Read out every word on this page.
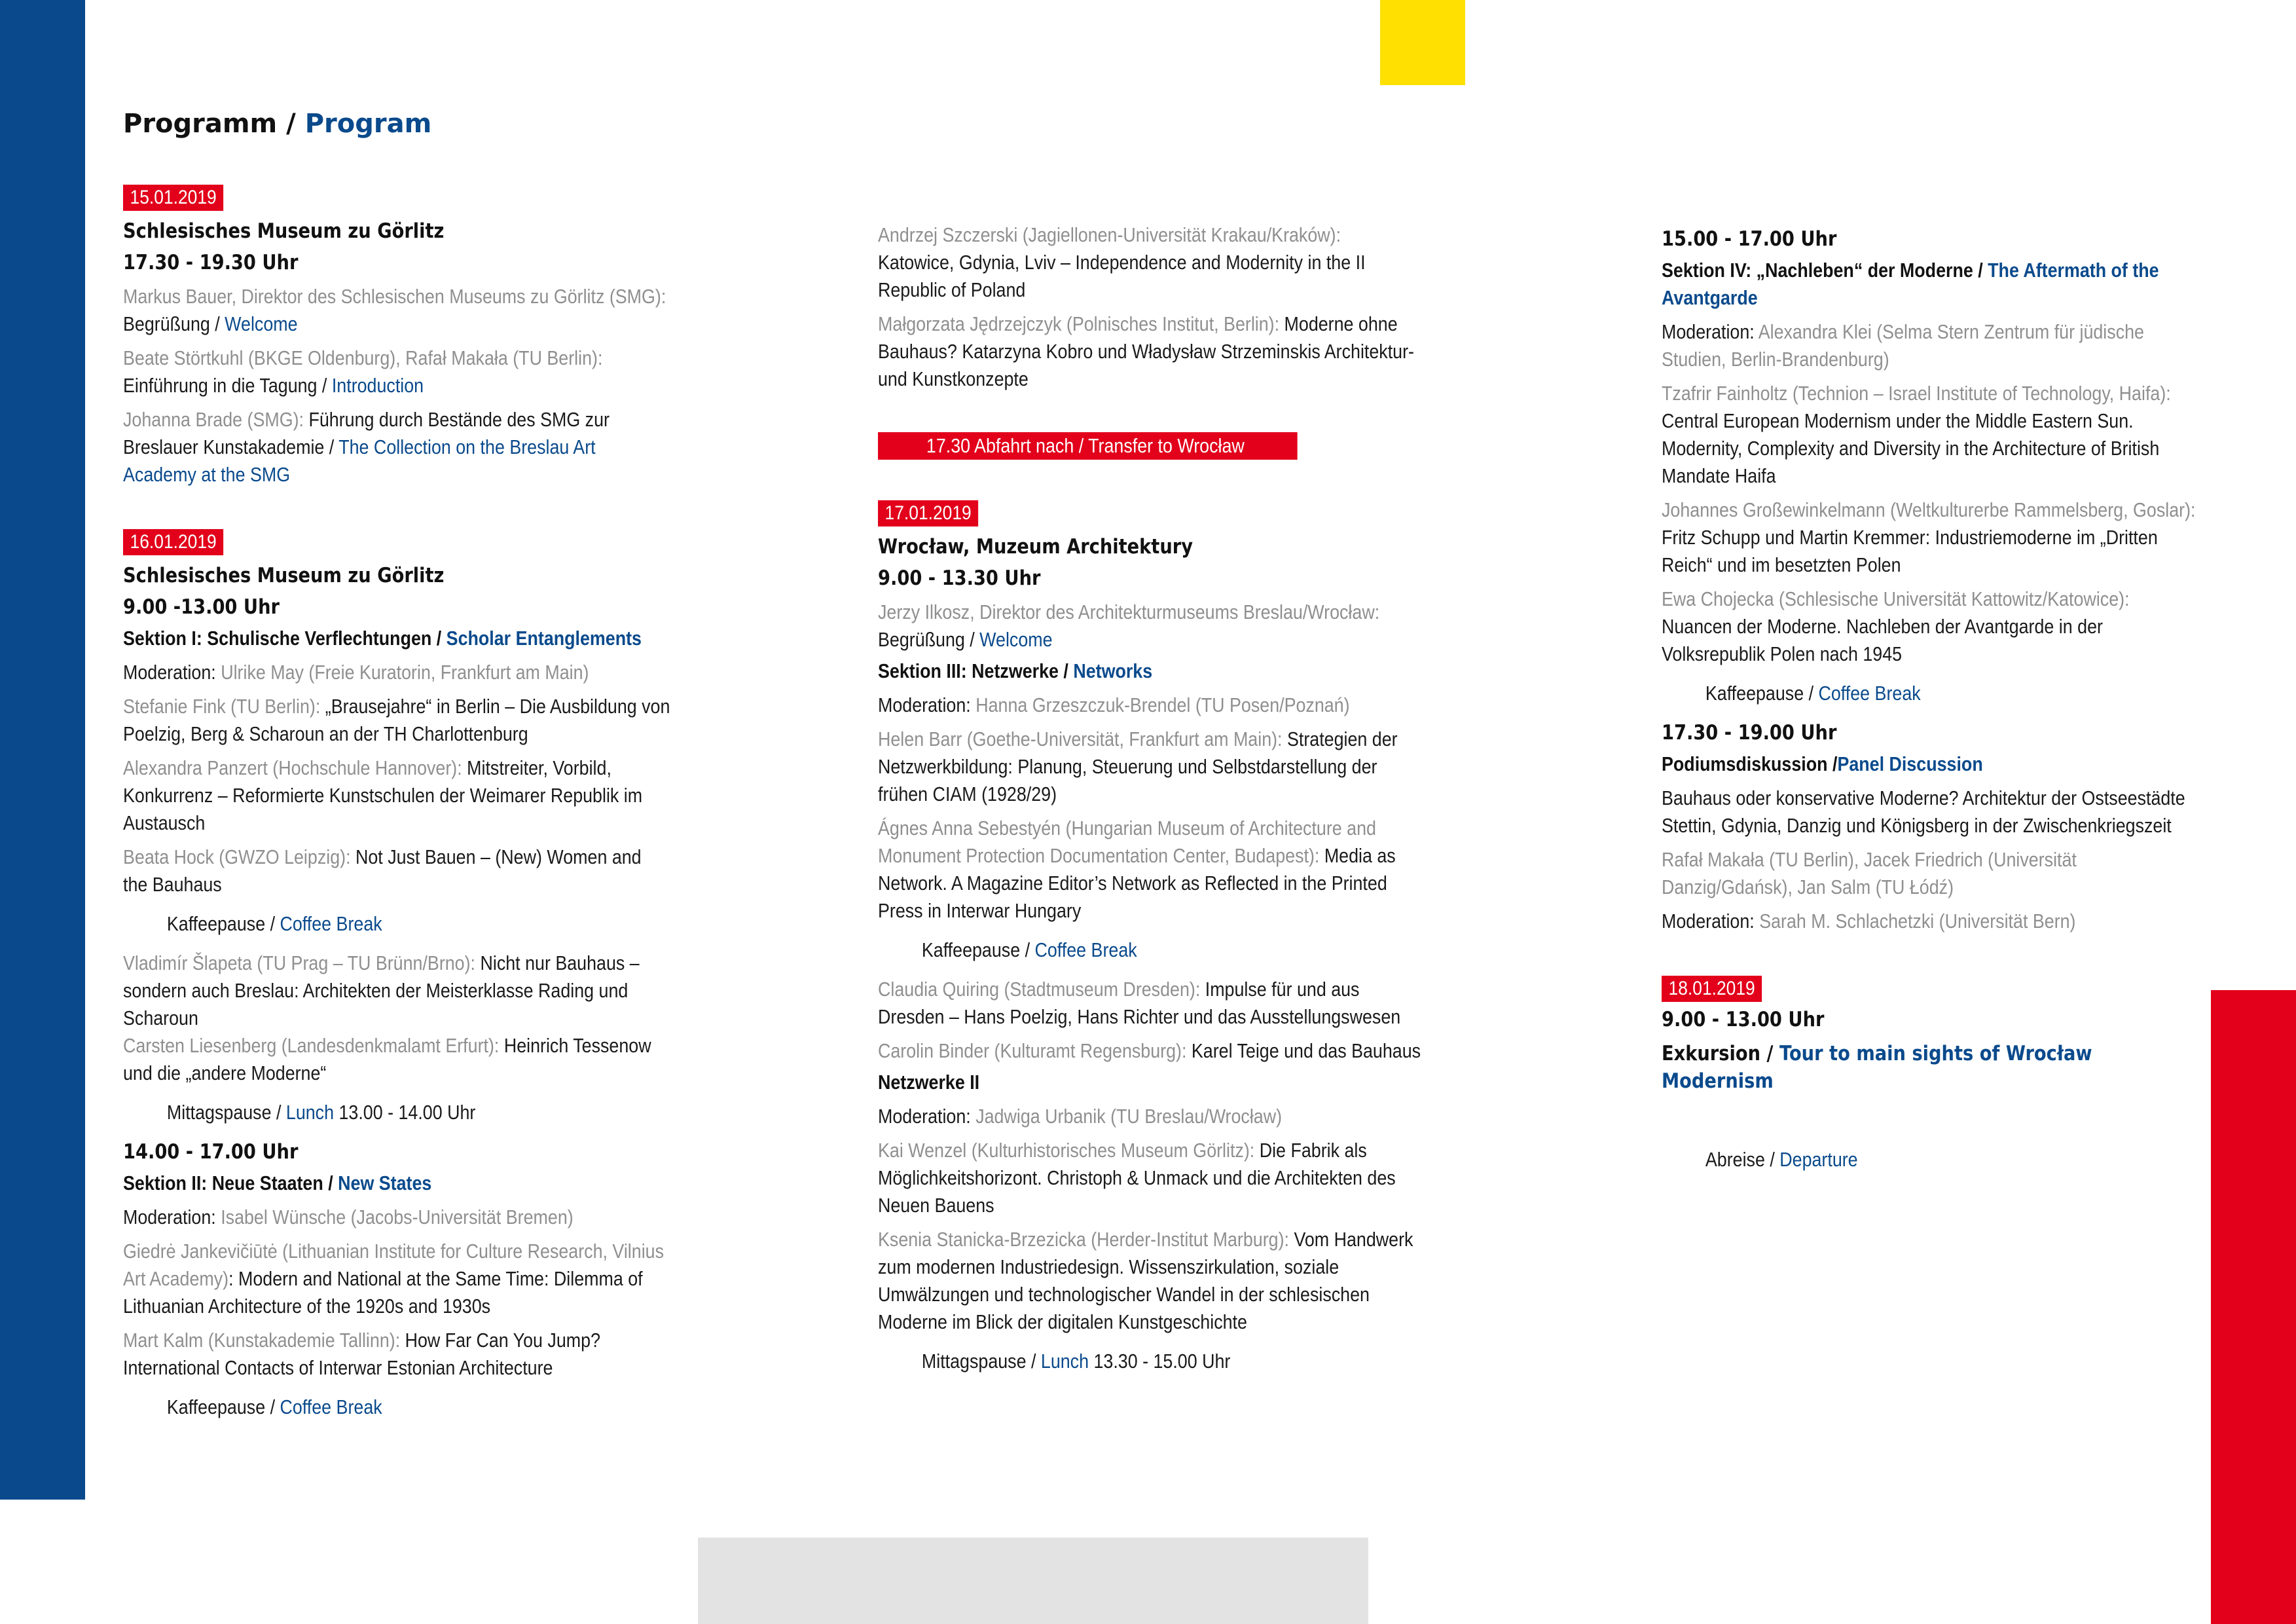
Programm / Program
15.01.2019
Schlesisches Museum zu Görlitz
17.30 - 19.30 Uhr
Markus Bauer, Direktor des Schlesischen Museums zu Görlitz (SMG):
Begrüßung / Welcome
Beate Störtkuhl (BKGE Oldenburg), Rafał Makała (TU Berlin):
Einführung in die Tagung / Introduction
Johanna Brade (SMG): Führung durch Bestände des SMG zur Breslauer Kunstakademie / The Collection on the Breslau Art Academy at the SMG
16.01.2019
Schlesisches Museum zu Görlitz
9.00 -13.00 Uhr
Sektion I: Schulische Verflechtungen / Scholar Entanglements
Moderation: Ulrike May (Freie Kuratorin, Frankfurt am Main)
Stefanie Fink (TU Berlin): „Brausejahre“ in Berlin – Die Ausbildung von Poelzig, Berg & Scharoun an der TH Charlottenburg
Alexandra Panzert (Hochschule Hannover): Mitstreiter, Vorbild, Konkurrenz – Reformierte Kunstschulen der Weimarer Republik im Austausch
Beata Hock (GWZO Leipzig): Not Just Bauen – (New) Women and the Bauhaus
Kaffeepause / Coffee Break
Vladimír Šlapeta (TU Prag – TU Brünn/Brno): Nicht nur Bauhaus – sondern auch Breslau: Architekten der Meisterklasse Rading und Scharoun
Carsten Liesenberg (Landesdenkmalamt Erfurt): Heinrich Tessenow und die „andere Moderne“
Mittagspause / Lunch 13.00 - 14.00 Uhr
14.00 - 17.00 Uhr
Sektion II: Neue Staaten / New States
Moderation: Isabel Wünsche (Jacobs-Universität Bremen)
Giedrė Jankevičiūtė (Lithuanian Institute for Culture Research, Vilnius Art Academy): Modern and National at the Same Time: Dilemma of Lithuanian Architecture of the 1920s and 1930s
Mart Kalm (Kunstakademie Tallinn): How Far Can You Jump? International Contacts of Interwar Estonian Architecture
Kaffeepause / Coffee Break
Andrzej Szczerski (Jagiellonen-Universität Krakau/Kraków):
Katowice, Gdynia, Lviv – Independence and Modernity in the II Republic of Poland
Małgorzata Jędrzejczyk (Polnisches Institut, Berlin): Moderne ohne Bauhaus? Katarzyna Kobro und Władysław Strzeminskis Architektur- und Kunstkonzepte
17.30 Abfahrt nach / Transfer to Wrocław
17.01.2019
Wrocław, Muzeum Architektury
9.00 - 13.30 Uhr
Jerzy Ilkosz, Direktor des Architekturmuseums Breslau/Wrocław:
Begrüßung / Welcome
Sektion III: Netzwerke / Networks
Moderation: Hanna Grzeszczuk-Brendel (TU Posen/Poznań)
Helen Barr (Goethe-Universität, Frankfurt am Main): Strategien der Netzwerkbildung: Planung, Steuerung und Selbstdarstellung der frühen CIAM (1928/29)
Ágnes Anna Sebestyén (Hungarian Museum of Architecture and Monument Protection Documentation Center, Budapest): Media as Network. A Magazine Editor’s Network as Reflected in the Printed Press in Interwar Hungary
Kaffeepause / Coffee Break
Claudia Quiring (Stadtmuseum Dresden): Impulse für und aus Dresden – Hans Poelzig, Hans Richter und das Ausstellungswesen
Carolin Binder (Kulturamt Regensburg): Karel Teige und das Bauhaus
Netzwerke II
Moderation: Jadwiga Urbanik (TU Breslau/Wrocław)
Kai Wenzel (Kulturhistorisches Museum Görlitz): Die Fabrik als Möglichkeitshorizont. Christoph & Unmack und die Architekten des Neuen Bauens
Ksenia Stanicka-Brzezicka (Herder-Institut Marburg): Vom Handwerk zum modernen Industriedesign. Wissenszirkulation, soziale Umwälzungen und technologischer Wandel in der schlesischen Moderne im Blick der digitalen Kunstgeschichte
Mittagspause / Lunch 13.30 - 15.00 Uhr
15.00 - 17.00 Uhr
Sektion IV: „Nachleben“ der Moderne / The Aftermath of the Avantgarde
Moderation: Alexandra Klei (Selma Stern Zentrum für jüdische Studien, Berlin-Brandenburg)
Tzafrir Fainholtz (Technion – Israel Institute of Technology, Haifa):
Central European Modernism under the Middle Eastern Sun. Modernity, Complexity and Diversity in the Architecture of British Mandate Haifa
Johannes Großewinkelmann (Weltkulturerbe Rammelsberg, Goslar): Fritz Schupp und Martin Kremmer: Industriemoderne im „Dritten Reich“ und im besetzten Polen
Ewa Chojecka (Schlesische Universität Kattowitz/Katowice):
Nuancen der Moderne. Nachleben der Avantgarde in der Volksrepublik Polen nach 1945
Kaffeepause / Coffee Break
17.30 - 19.00 Uhr
Podiumsdiskussion /Panel Discussion
Bauhaus oder konservative Moderne? Architektur der Ostseestädte Stettin, Gdynia, Danzig und Königsberg in der Zwischenkriegszeit
Rafał Makała (TU Berlin), Jacek Friedrich (Universität Danzig/Gdańsk), Jan Salm (TU Łódź)
Moderation: Sarah M. Schlachetzki (Universität Bern)
18.01.2019
9.00 - 13.00 Uhr
Exkursion / Tour to main sights of Wrocław Modernism
Abreise / Departure
